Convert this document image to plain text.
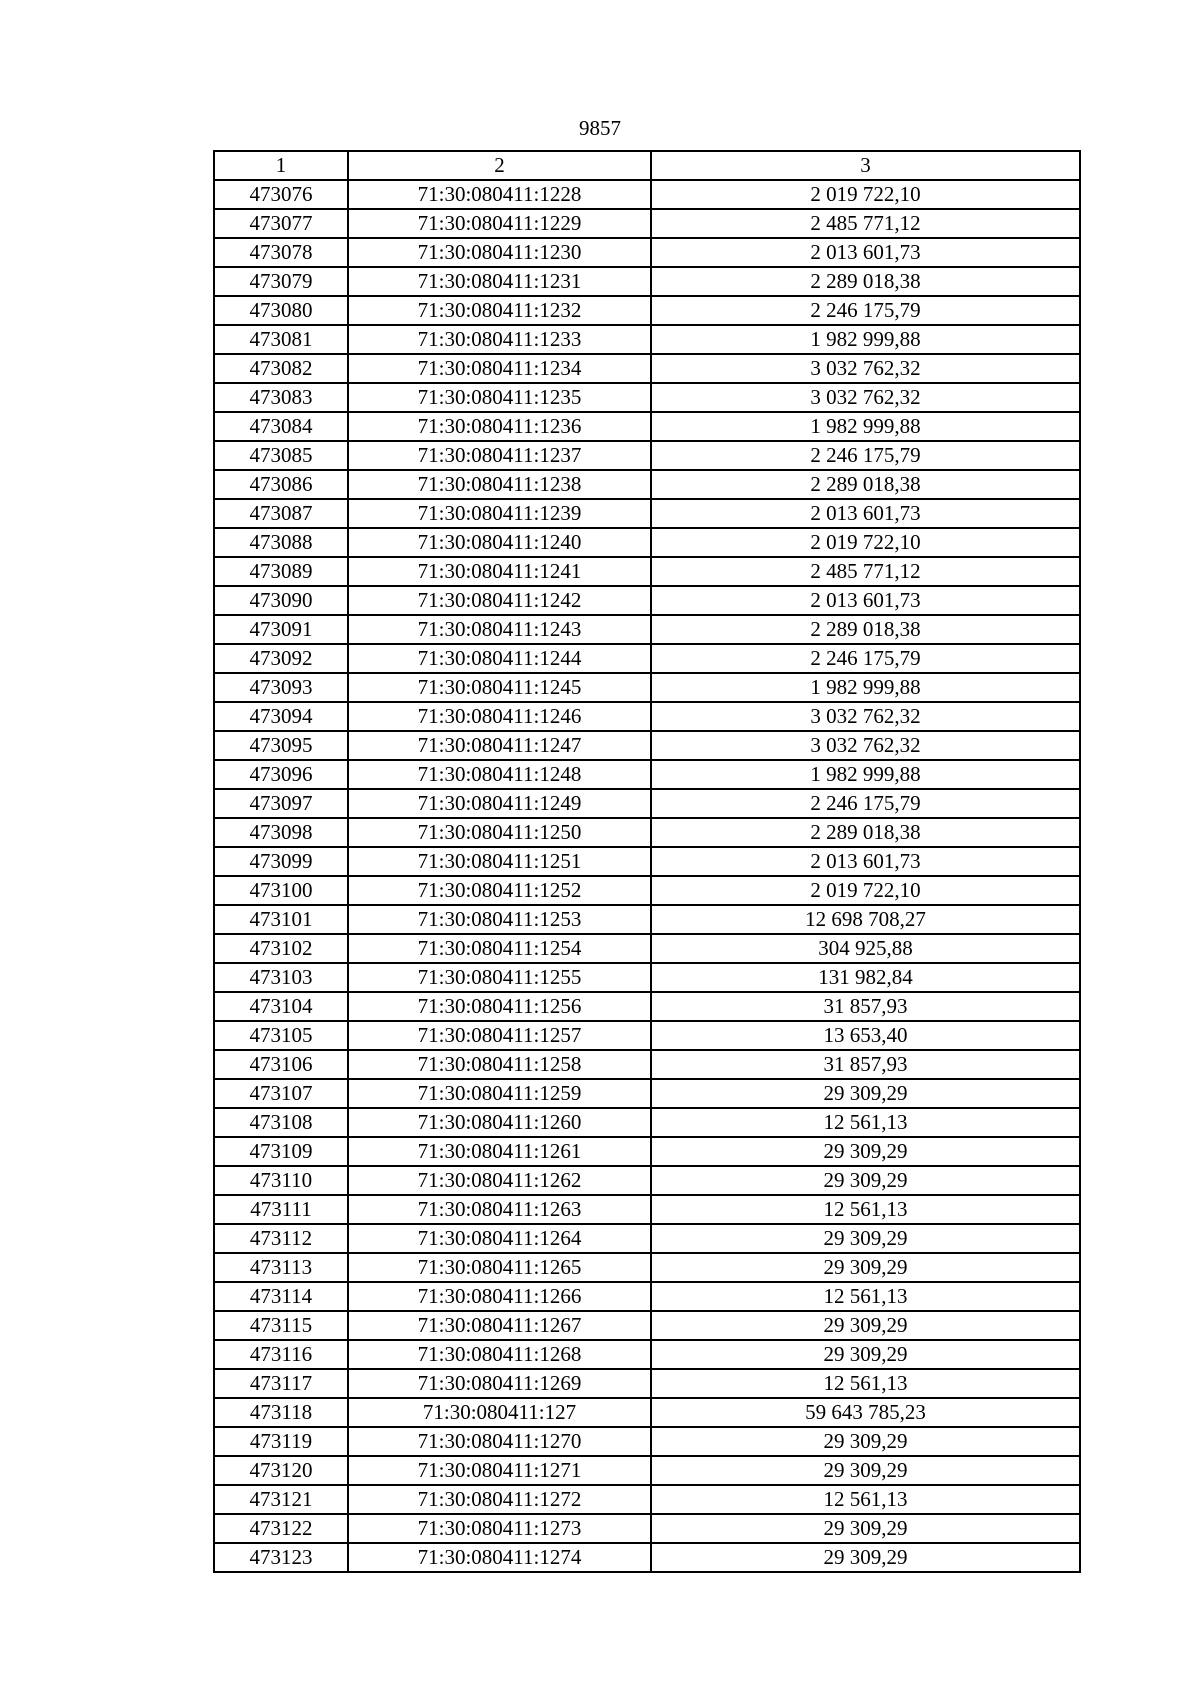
9857
1	2	3
473076	71:30:080411:1228	2 019 722,10
473077	71:30:080411:1229	2 485 771,12
473078	71:30:080411:1230	2 013 601,73
473079	71:30:080411:1231	2 289 018,38
473080	71:30:080411:1232	2 246 175,79
473081	71:30:080411:1233	1 982 999,88
473082	71:30:080411:1234	3 032 762,32
473083	71:30:080411:1235	3 032 762,32
473084	71:30:080411:1236	1 982 999,88
473085	71:30:080411:1237	2 246 175,79
473086	71:30:080411:1238	2 289 018,38
473087	71:30:080411:1239	2 013 601,73
473088	71:30:080411:1240	2 019 722,10
473089	71:30:080411:1241	2 485 771,12
473090	71:30:080411:1242	2 013 601,73
473091	71:30:080411:1243	2 289 018,38
473092	71:30:080411:1244	2 246 175,79
473093	71:30:080411:1245	1 982 999,88
473094	71:30:080411:1246	3 032 762,32
473095	71:30:080411:1247	3 032 762,32
473096	71:30:080411:1248	1 982 999,88
473097	71:30:080411:1249	2 246 175,79
473098	71:30:080411:1250	2 289 018,38
473099	71:30:080411:1251	2 013 601,73
473100	71:30:080411:1252	2 019 722,10
473101	71:30:080411:1253	12 698 708,27
473102	71:30:080411:1254	304 925,88
473103	71:30:080411:1255	131 982,84
473104	71:30:080411:1256	31 857,93
473105	71:30:080411:1257	13 653,40
473106	71:30:080411:1258	31 857,93
473107	71:30:080411:1259	29 309,29
473108	71:30:080411:1260	12 561,13
473109	71:30:080411:1261	29 309,29
473110	71:30:080411:1262	29 309,29
473111	71:30:080411:1263	12 561,13
473112	71:30:080411:1264	29 309,29
473113	71:30:080411:1265	29 309,29
473114	71:30:080411:1266	12 561,13
473115	71:30:080411:1267	29 309,29
473116	71:30:080411:1268	29 309,29
473117	71:30:080411:1269	12 561,13
473118	71:30:080411:127	59 643 785,23
473119	71:30:080411:1270	29 309,29
473120	71:30:080411:1271	29 309,29
473121	71:30:080411:1272	12 561,13
473122	71:30:080411:1273	29 309,29
473123	71:30:080411:1274	29 309,29
